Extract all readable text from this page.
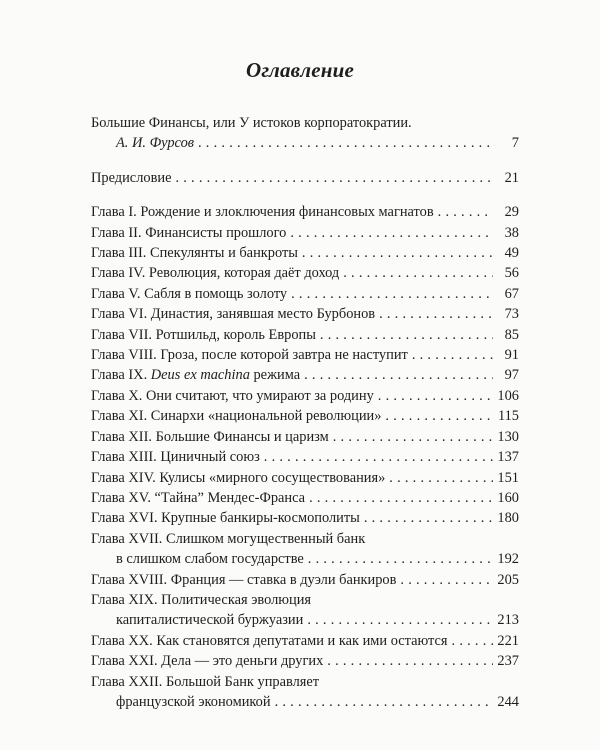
Оглавление
Большие Финансы, или У истоков корпоратократии.
А. И. Фурсов . . .	7
Предисловие . . .	21
Глава I. Рождение и злоключения финансовых магнатов . . .	29
Глава II. Финансисты прошлого . . .	38
Глава III. Спекулянты и банкроты . . .	49
Глава IV. Революция, которая даёт доход . . .	56
Глава V. Сабля в помощь золоту . . .	67
Глава VI. Династия, занявшая место Бурбонов . . .	73
Глава VII. Ротшильд, король Европы . . .	85
Глава VIII. Гроза, после которой завтра не наступит . . .	91
Глава IX. Deus ex machina режима . . .	97
Глава X. Они считают, что умирают за родину . . .	106
Глава XI. Синархи «национальной революции» . . .	115
Глава XII. Большие Финансы и царизм . . .	130
Глава XIII. Циничный союз . . .	137
Глава XIV. Кулисы «мирного сосуществования» . . .	151
Глава XV. “Тайна” Мендес-Франса . . .	160
Глава XVI. Крупные банкиры-космополиты . . .	180
Глава XVII. Слишком могущественный банк
в слишком слабом государстве . . .	192
Глава XVIII. Франция — ставка в дуэли банкиров . . .	205
Глава XIX. Политическая эволюция
капиталистической буржуазии . . .	213
Глава XX. Как становятся депутатами и как ими остаются . . .	221
Глава XXI. Дела — это деньги других . . .	237
Глава XXII. Большой Банк управляет
французской экономикой . . .	244
